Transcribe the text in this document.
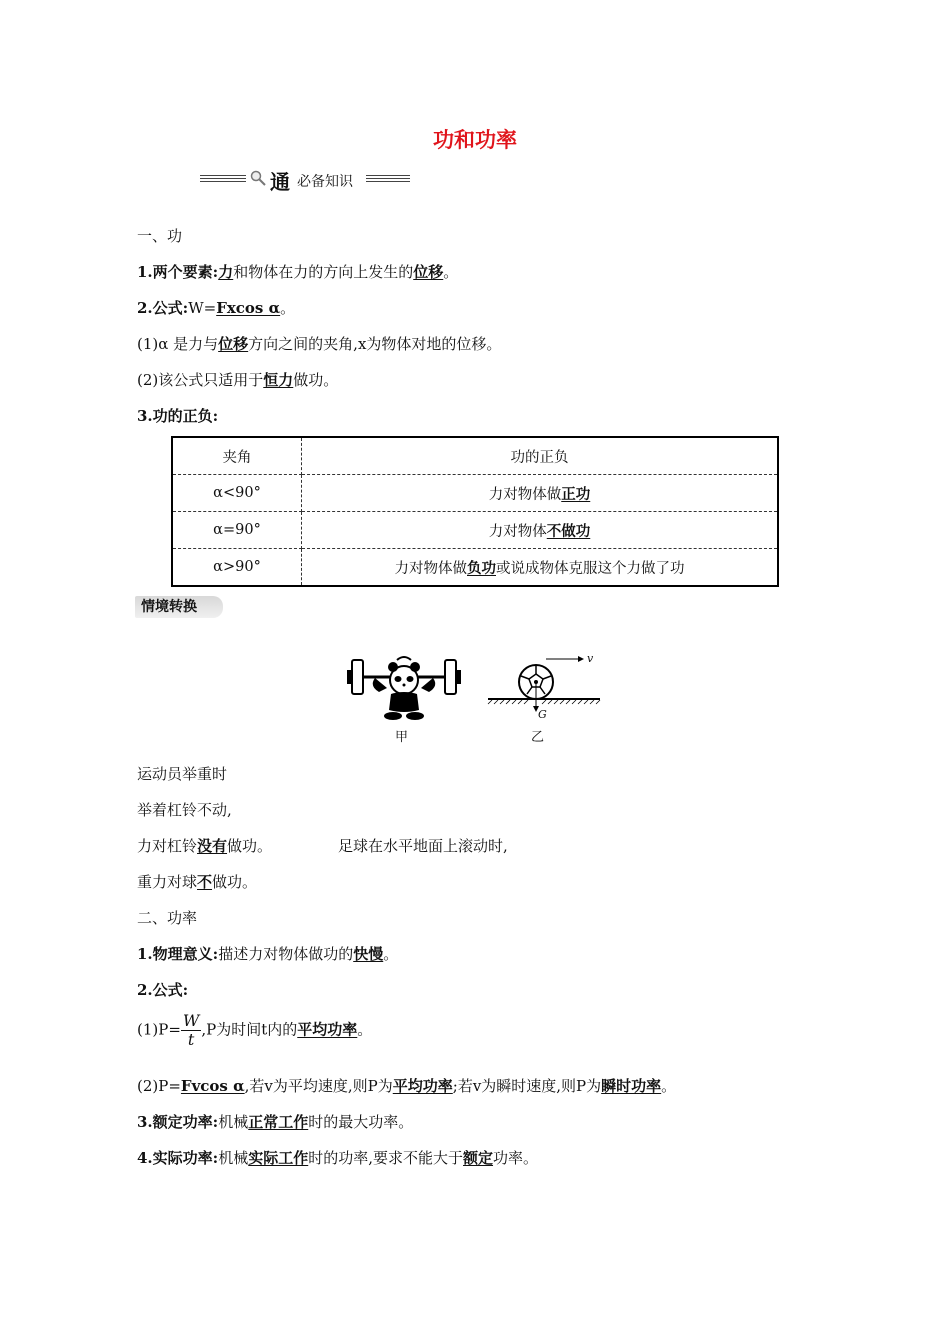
功和功率
通 必备知识
一、功
1.两个要素:力和物体在力的方向上发生的位移。
2.公式:W=Fxcos α。
(1)α 是力与位移方向之间的夹角,x为物体对地的位移。
(2)该公式只适用于恒力做功。
3.功的正负:
夹角	功的正负
α<90°	力对物体做正功
α=90°	力对物体不做功
α>90°	力对物体做负功或说成物体克服这个力做了功
情境转换
甲
v
G
乙
运动员举重时
举着杠铃不动,
力对杠铃没有做功。	足球在水平地面上滚动时,
重力对球不做功。
二、功率
1.物理意义:描述力对物体做功的快慢。
2.公式:
$(1)P= \frac{W}{t} ,P$为时间t内的平均功率。
(2)P=Fvcos α,若v为平均速度,则P为平均功率;若v为瞬时速度,则P为瞬时功率。
3.额定功率:机械正常工作时的最大功率。
4.实际功率:机械实际工作时的功率,要求不能大于额定功率。
